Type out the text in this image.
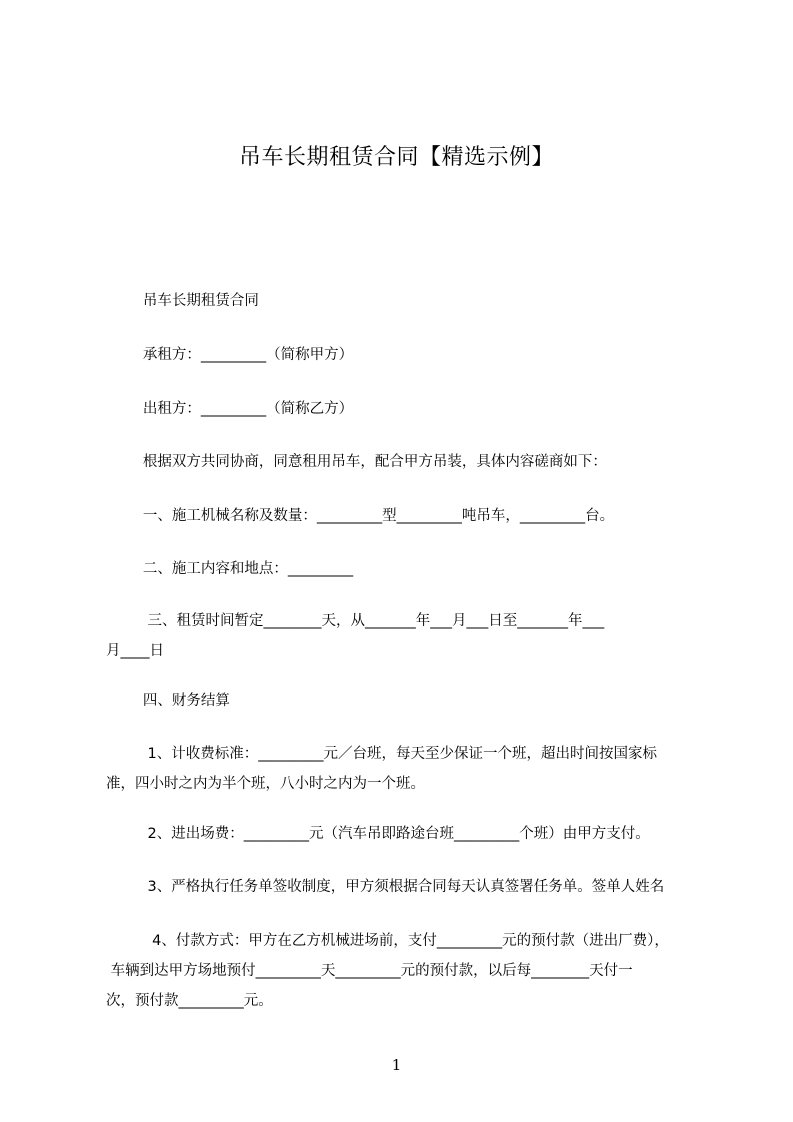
吊车长期租赁合同【精选示例】
吊车长期租赁合同
承租方：_________（简称甲方）
出租方：_________（简称乙方）
根据双方共同协商，同意租用吊车，配合甲方吊装，具体内容磋商如下：
一、施工机械名称及数量：_________型_________吨吊车，_________台。
二、施工内容和地点：_________
三、租赁时间暂定________天，从_______年___月___日至_______年___
月____日
四、财务结算
1、计收费标准：_________元／台班，每天至少保证一个班，超出时间按国家标
准，四小时之内为半个班，八小时之内为一个班。
2、进出场费：_________元（汽车吊即路途台班_________个班）由甲方支付。
3、严格执行任务单签收制度，甲方须根据合同每天认真签署任务单。签单人姓名
4、付款方式：甲方在乙方机械进场前，支付_________元的预付款（进出厂费），
车辆到达甲方场地预付_________天_________元的预付款，以后每________天付一
次，预付款_________元。
1
